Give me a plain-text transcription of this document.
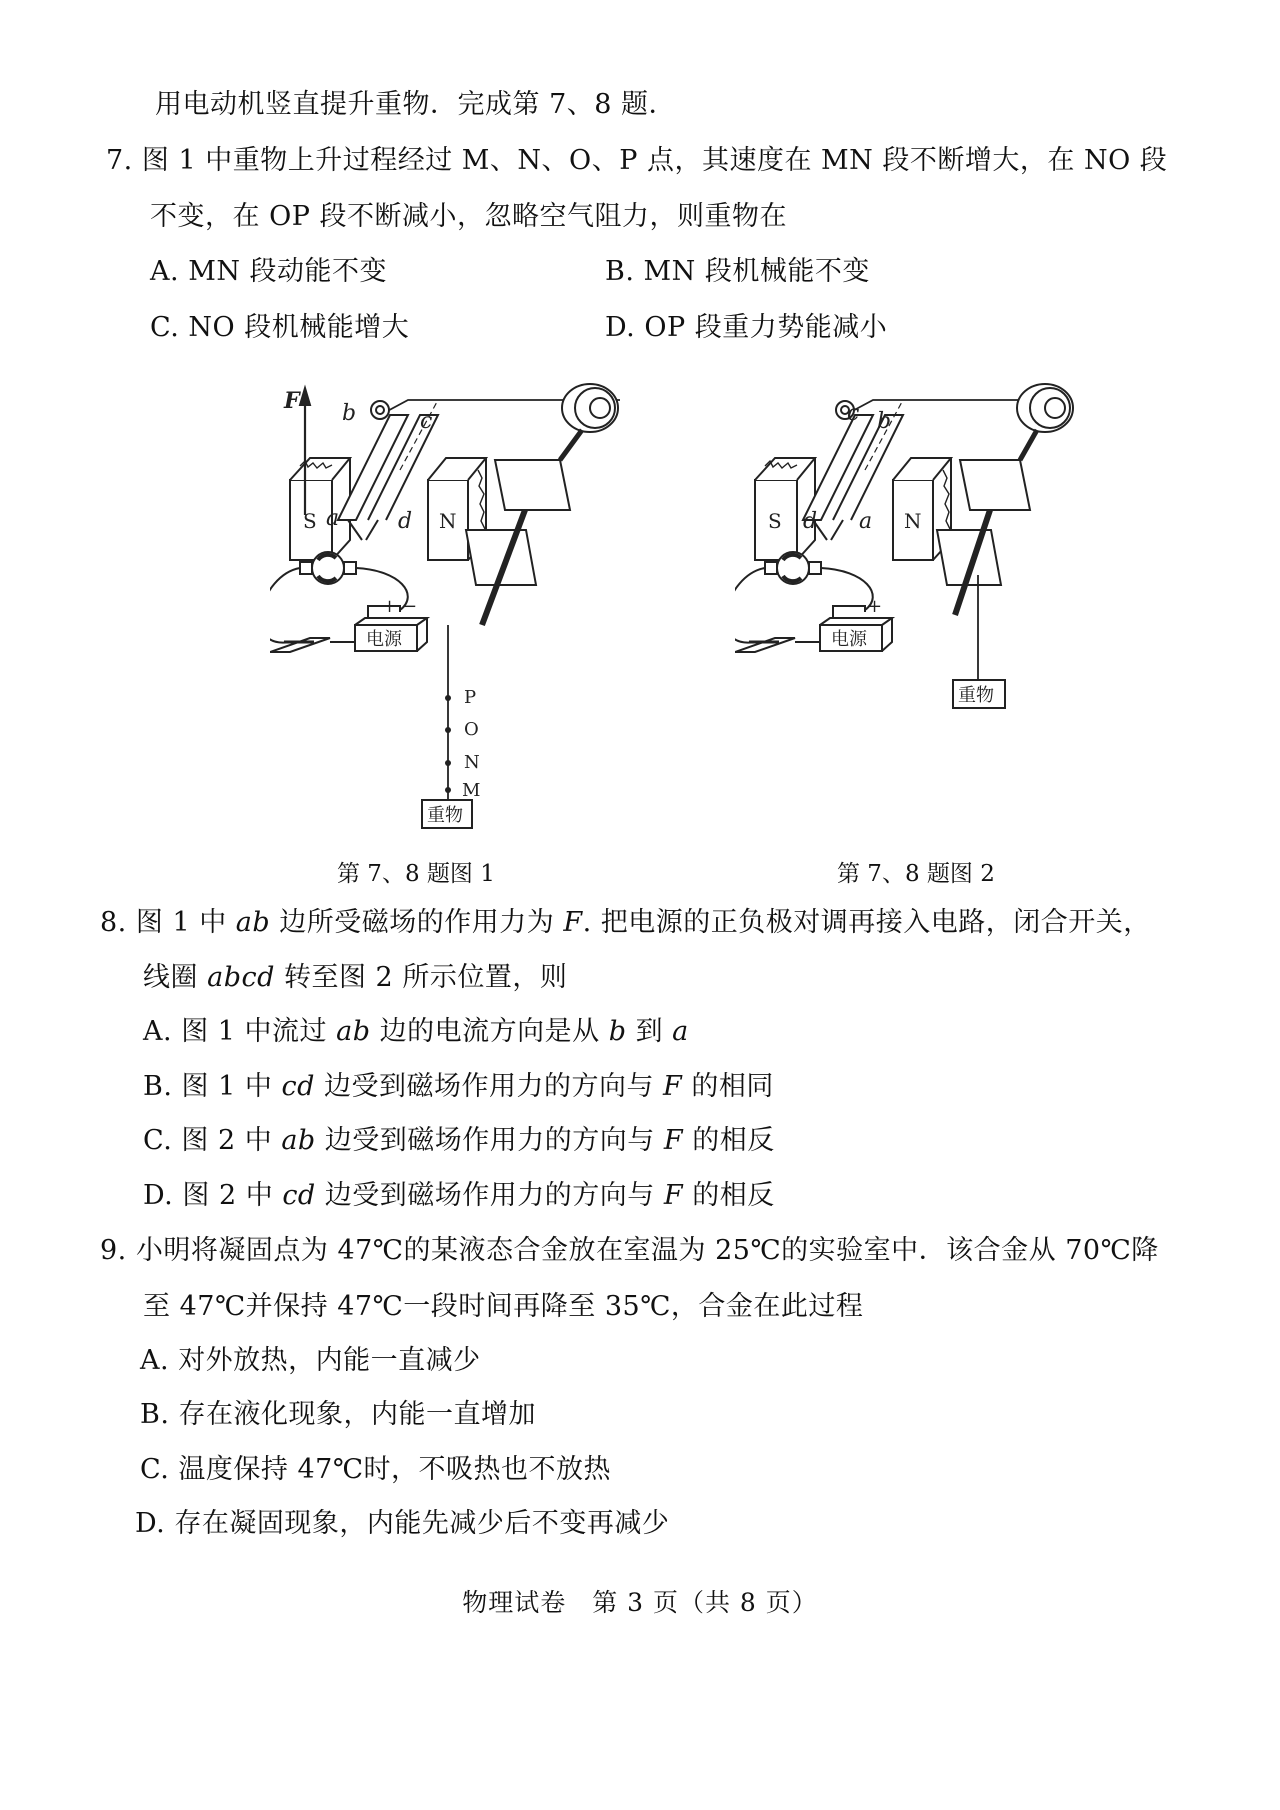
用电动机竖直提升重物．完成第 7、8 题．
7. 图 1 中重物上升过程经过 M、N、O、P 点，其速度在 MN 段不断增大，在 NO 段
不变，在 OP 段不断减小，忽略空气阻力，则重物在
A. MN 段动能不变	B. MN 段机械能不变
C. NO 段机械能增大	D. OP 段重力势能减小
F b	c
a	d
S	N
+ −
电源
重物
P
O
N
M
第 7、8 题图 1
c b
d a
S	N
− +
电源
重物
第 7、8 题图 2
8. 图 1 中 ab 边所受磁场的作用力为 F. 把电源的正负极对调再接入电路，闭合开关，
线圈 abcd 转至图 2 所示位置，则
A. 图 1 中流过 ab 边的电流方向是从 b 到 a
B. 图 1 中 cd 边受到磁场作用力的方向与 F 的相同
C. 图 2 中 ab 边受到磁场作用力的方向与 F 的相反
D. 图 2 中 cd 边受到磁场作用力的方向与 F 的相反
9. 小明将凝固点为 47℃的某液态合金放在室温为 25℃的实验室中．该合金从 70℃降
至 47℃并保持 47℃一段时间再降至 35℃，合金在此过程
A. 对外放热，内能一直减少
B. 存在液化现象，内能一直增加
C. 温度保持 47℃时，不吸热也不放热
D. 存在凝固现象，内能先减少后不变再减少
物理试卷　第 3 页（共 8 页）
